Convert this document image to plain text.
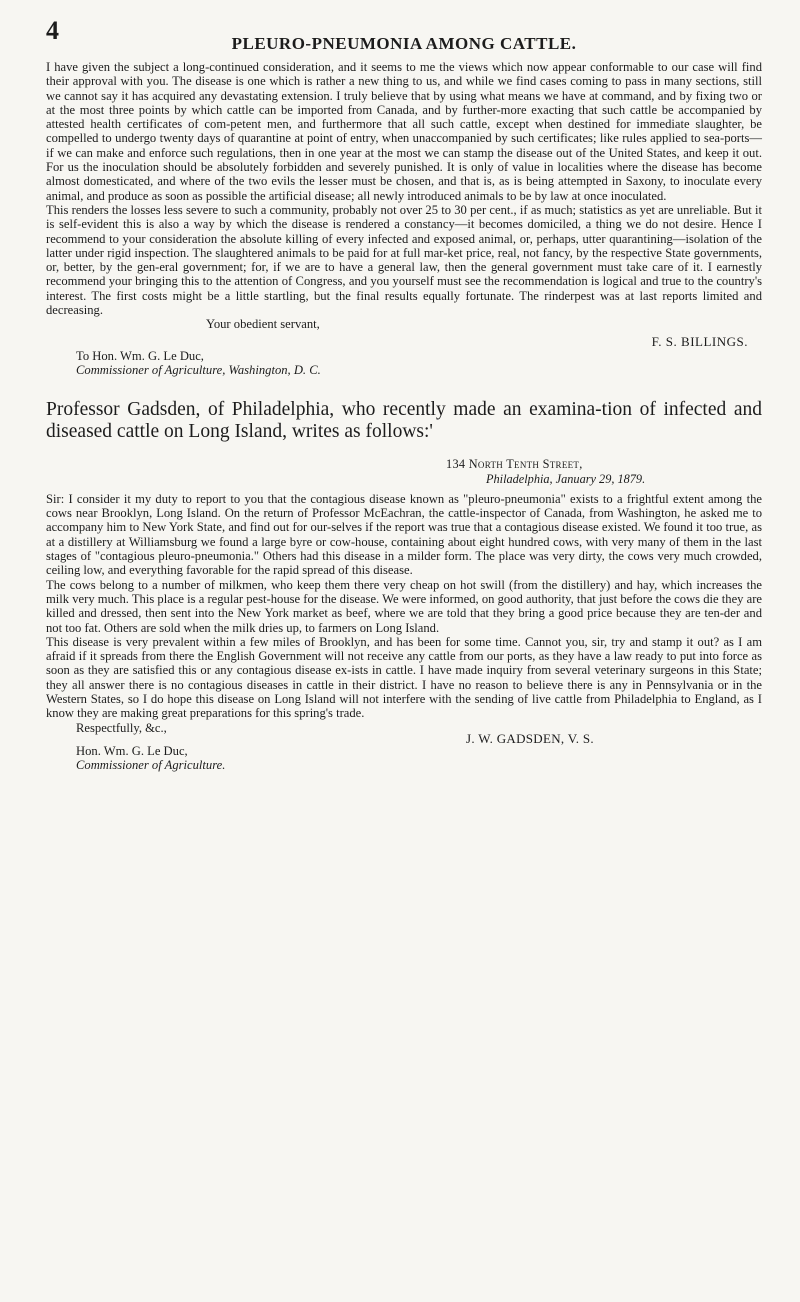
4	PLEURO-PNEUMONIA AMONG CATTLE.

I have given the subject a long-continued consideration, and it seems to me the views which now appear conformable to our case will find their approval with you. The disease is one which is rather a new thing to us, and while we find cases coming to pass in many sections, still we cannot say it has acquired any devastating extension. I truly believe that by using what means we have at command, and by fixing two or at the most three points by which cattle can be imported from Canada, and by further-more exacting that such cattle be accompanied by attested health certificates of com-petent men, and furthermore that all such cattle, except when destined for immediate slaughter, be compelled to undergo twenty days of quarantine at point of entry, when unaccompanied by such certificates; like rules applied to sea-ports—if we can make and enforce such regulations, then in one year at the most we can stamp the disease out of the United States, and keep it out. For us the inoculation should be absolutely forbidden and severely punished. It is only of value in localities where the disease has become almost domesticated, and where of the two evils the lesser must be chosen, and that is, as is being attempted in Saxony, to inoculate every animal, and produce as soon as possible the artificial disease; all newly introduced animals to be by law at once inoculated.

This renders the losses less severe to such a community, probably not over 25 to 30 per cent., if as much; statistics as yet are unreliable. But it is self-evident this is also a way by which the disease is rendered a constancy—it becomes domiciled, a thing we do not desire. Hence I recommend to your consideration the absolute killing of every infected and exposed animal, or, perhaps, utter quarantining—isolation of the latter under rigid inspection. The slaughtered animals to be paid for at full mar-ket price, real, not fancy, by the respective State governments, or, better, by the gen-eral government; for, if we are to have a general law, then the general government must take care of it. I earnestly recommend your bringing this to the attention of Congress, and you yourself must see the recommendation is logical and true to the country's interest. The first costs might be a little startling, but the final results equally fortunate. The rinderpest was at last reports limited and decreasing.

Your obedient servant,
F. S. BILLINGS.
To Hon. Wm. G. Le Duc,
Commissioner of Agriculture, Washington, D. C.
Professor Gadsden, of Philadelphia, who recently made an examina-tion of infected and diseased cattle on Long Island, writes as follows:'
134 North Tenth Street,
Philadelphia, January 29, 1879.

Sir: I consider it my duty to report to you that the contagious disease known as "pleuro-pneumonia" exists to a frightful extent among the cows near Brooklyn, Long Island. On the return of Professor McEachran, the cattle-inspector of Canada, from Washington, he asked me to accompany him to New York State, and find out for our-selves if the report was true that a contagious disease existed. We found it too true, as at a distillery at Williamsburg we found a large byre or cow-house, containing about eight hundred cows, with very many of them in the last stages of "contagious pleuro-pneumonia." Others had this disease in a milder form. The place was very dirty, the cows very much crowded, ceiling low, and everything favorable for the rapid spread of this disease.

The cows belong to a number of milkmen, who keep them there very cheap on hot swill (from the distillery) and hay, which increases the milk very much. This place is a regular pest-house for the disease. We were informed, on good authority, that just before the cows die they are killed and dressed, then sent into the New York market as beef, where we are told that they bring a good price because they are ten-der and not too fat. Others are sold when the milk dries up, to farmers on Long Island.

This disease is very prevalent within a few miles of Brooklyn, and has been for some time. Cannot you, sir, try and stamp it out? as I am afraid if it spreads from there the English Government will not receive any cattle from our ports, as they have a law ready to put into force as soon as they are satisfied this or any contagious disease ex-ists in cattle. I have made inquiry from several veterinary surgeons in this State; they all answer there is no contagious diseases in cattle in their district. I have no reason to believe there is any in Pennsylvania or in the Western States, so I do hope this disease on Long Island will not interfere with the sending of live cattle from Philadelphia to England, as I know they are making great preparations for this spring's trade.

Respectfully, &c.,
J. W. GADSDEN, V. S.
Hon. Wm. G. Le Duc,
Commissioner of Agriculture.
